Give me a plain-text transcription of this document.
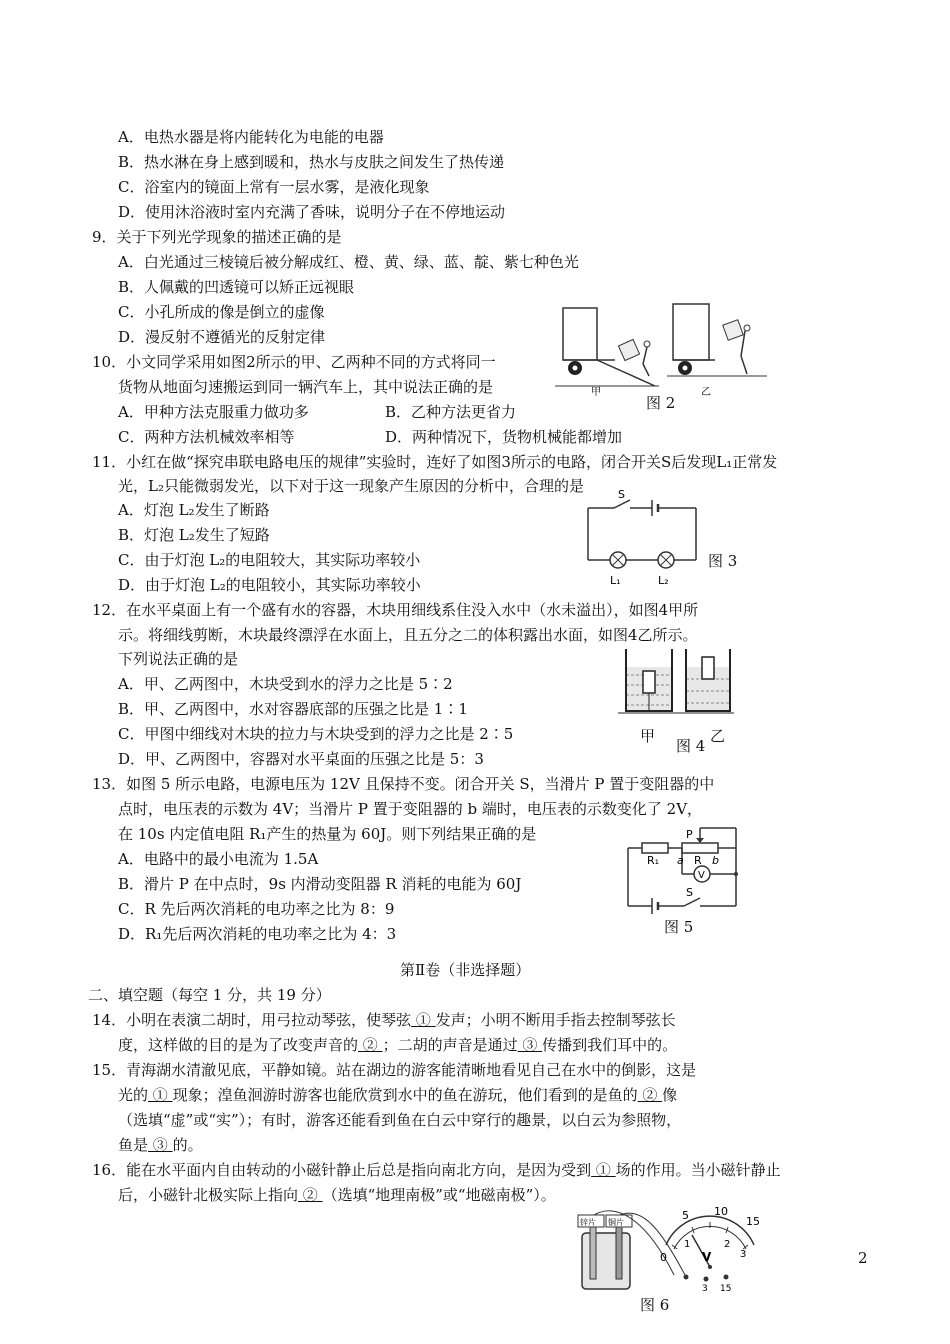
A．电热水器是将内能转化为电能的电器
B．热水淋在身上感到暖和，热水与皮肤之间发生了热传递
C．浴室内的镜面上常有一层水雾，是液化现象
D．使用沐浴液时室内充满了香味，说明分子在不停地运动
9．关于下列光学现象的描述正确的是
A．白光通过三棱镜后被分解成红、橙、黄、绿、蓝、靛、紫七种色光
B．人佩戴的凹透镜可以矫正远视眼
C．小孔所成的像是倒立的虚像
D．漫反射不遵循光的反射定律
10．小文同学采用如图2所示的甲、乙两种不同的方式将同一
货物从地面匀速搬运到同一辆汽车上，其中说法正确的是
A．甲种方法克服重力做功多	B．乙种方法更省力
C．两种方法机械效率相等	D．两种情况下，货物机械能都增加
甲	乙
图 2
11．小红在做“探究串联电路电压的规律”实验时，连好了如图3所示的电路，闭合开关S后发现L₁正常发
光，L₂只能微弱发光，以下对于这一现象产生原因的分析中，合理的是
A．灯泡 L₂发生了断路
B．灯泡 L₂发生了短路
C．由于灯泡 L₂的电阻较大，其实际功率较小
D．由于灯泡 L₂的电阻较小，其实际功率较小
S
L₁	L₂
图 3
12．在水平桌面上有一个盛有水的容器，木块用细线系住没入水中（水未溢出），如图4甲所
示。将细线剪断，木块最终漂浮在水面上，且五分之二的体积露出水面，如图4乙所示。
下列说法正确的是
A．甲、乙两图中，木块受到水的浮力之比是 5∶2
B．甲、乙两图中，水对容器底部的压强之比是 1∶1
C．甲图中细线对木块的拉力与木块受到的浮力之比是 2∶5
D．甲、乙两图中，容器对水平桌面的压强之比是 5：3
甲
图 4
乙
13．如图 5 所示电路，电源电压为 12V 且保持不变。闭合开关 S，当滑片 P 置于变阻器的中
点时，电压表的示数为 4V；当滑片 P 置于变阻器的 b 端时，电压表的示数变化了 2V，
在 10s 内定值电阻 R₁产生的热量为 60J。则下列结果正确的是
A．电路中的最小电流为 1.5A
B．滑片 P 在中点时，9s 内滑动变阻器 R 消耗的电能为 60J
C．R 先后两次消耗的电功率之比为 8：9
D．R₁先后两次消耗的电功率之比为 4：3
R₁
P
a R b
V
S
图 5
第Ⅱ卷（非选择题）
二、填空题（每空 1 分，共 19 分）
14．小明在表演二胡时，用弓拉动琴弦，使琴弦 ① 发声；小明不断用手指去控制琴弦长
度，这样做的目的是为了改变声音的 ② ；二胡的声音是通过 ③ 传播到我们耳中的。
15．青海湖水清澈见底，平静如镜。站在湖边的游客能清晰地看见自己在水中的倒影，这是
光的 ① 现象；湟鱼洄游时游客也能欣赏到水中的鱼在游玩，他们看到的是鱼的 ② 像
（选填“虚”或“实”）；有时，游客还能看到鱼在白云中穿行的趣景，以白云为参照物，
鱼是 ③ 的。
16．能在水平面内自由转动的小磁针静止后总是指向南北方向，是因为受到 ① 场的作用。当小磁针静止
后，小磁针北极实际上指向 ② （选填“地理南极”或“地磁南极”）。
锌片 铜片
5 10
15
0
1	2
3
V
3 15
图 6
2
